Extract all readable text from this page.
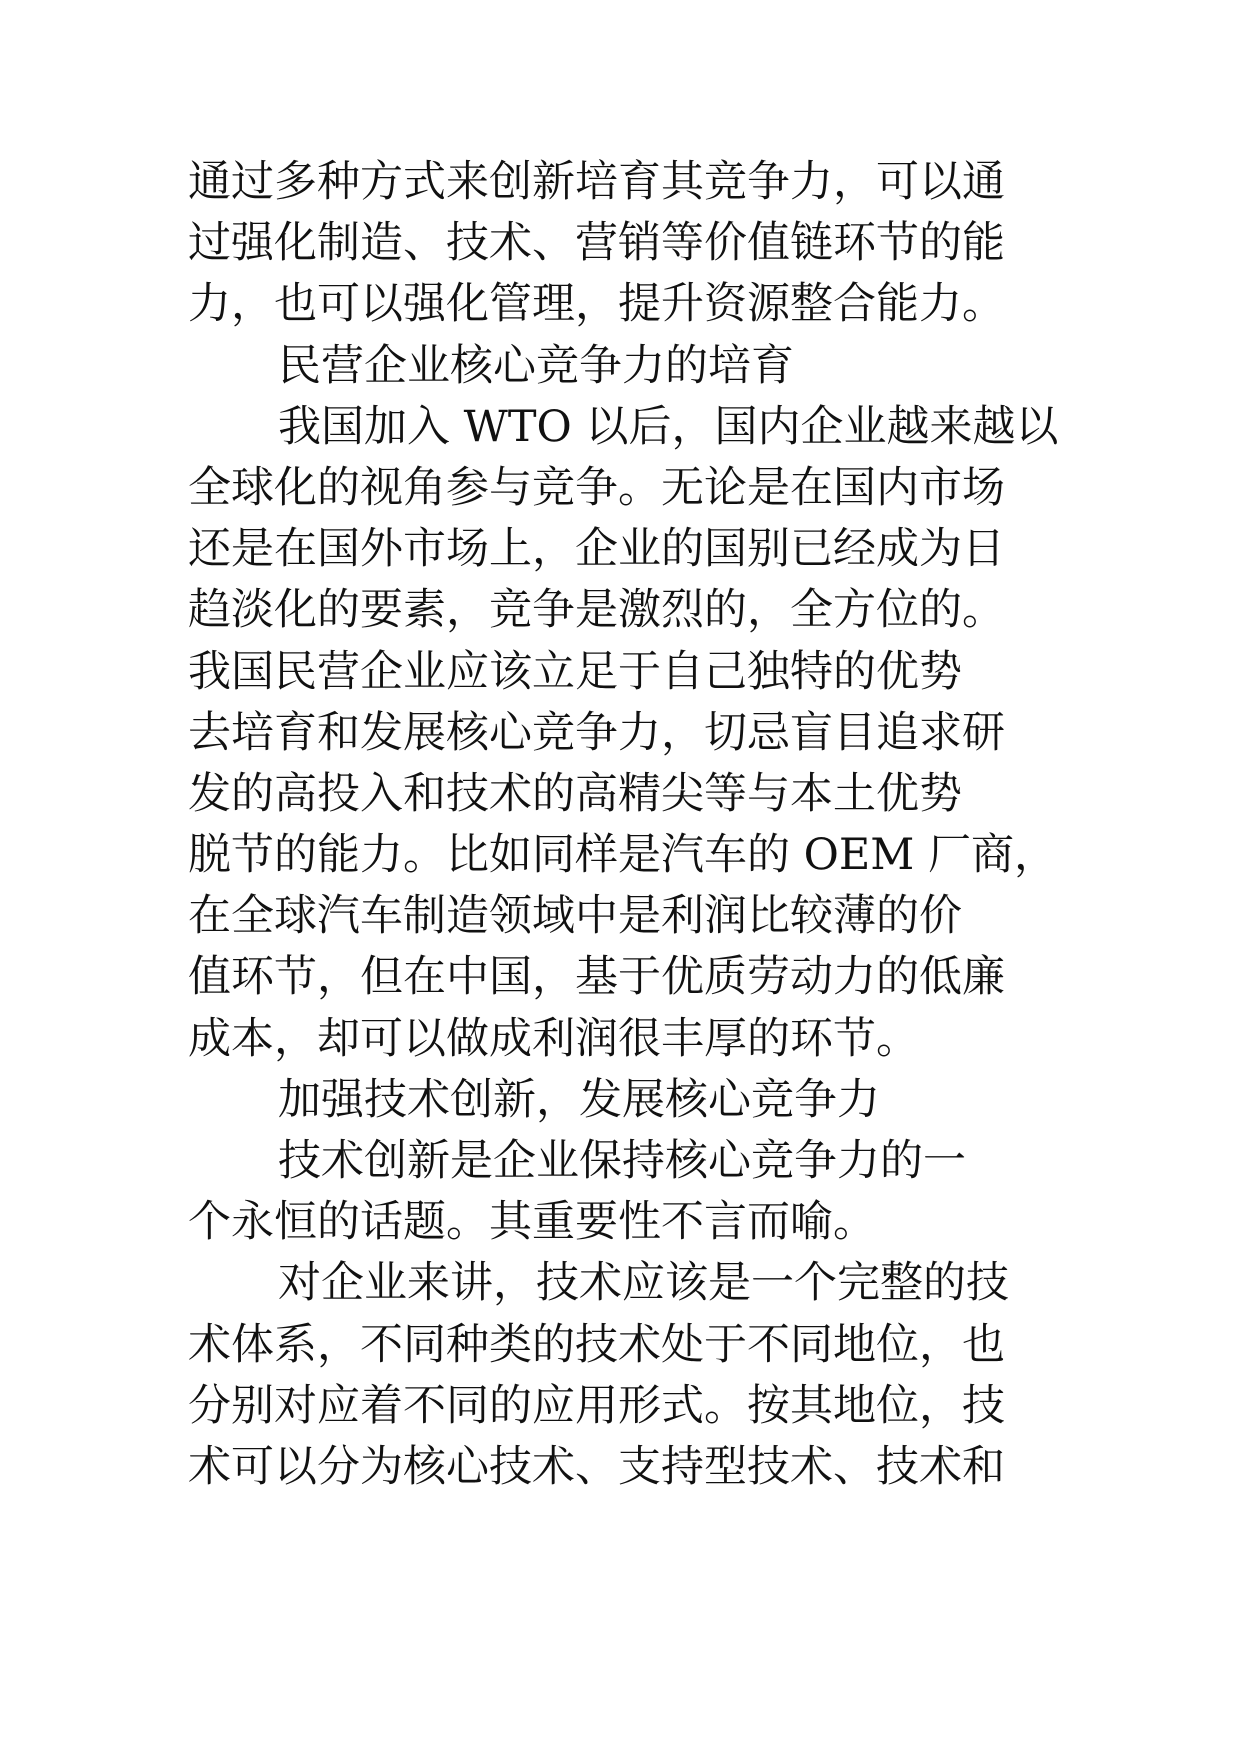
通过多种方式来创新培育其竞争力，可以通
过强化制造、技术、营销等价值链环节的能
力，也可以强化管理，提升资源整合能力。
民营企业核心竞争力的培育
我国加入 WTO 以后，国内企业越来越以
全球化的视角参与竞争。无论是在国内市场
还是在国外市场上，企业的国别已经成为日
趋淡化的要素，竞争是激烈的，全方位的。
我国民营企业应该立足于自己独特的优势
去培育和发展核心竞争力，切忌盲目追求研
发的高投入和技术的高精尖等与本土优势
脱节的能力。比如同样是汽车的 OEM 厂商，
在全球汽车制造领域中是利润比较薄的价
值环节，但在中国，基于优质劳动力的低廉
成本，却可以做成利润很丰厚的环节。
加强技术创新，发展核心竞争力
技术创新是企业保持核心竞争力的一
个永恒的话题。其重要性不言而喻。
对企业来讲，技术应该是一个完整的技
术体系，不同种类的技术处于不同地位，也
分别对应着不同的应用形式。按其地位，技
术可以分为核心技术、支持型技术、技术和
